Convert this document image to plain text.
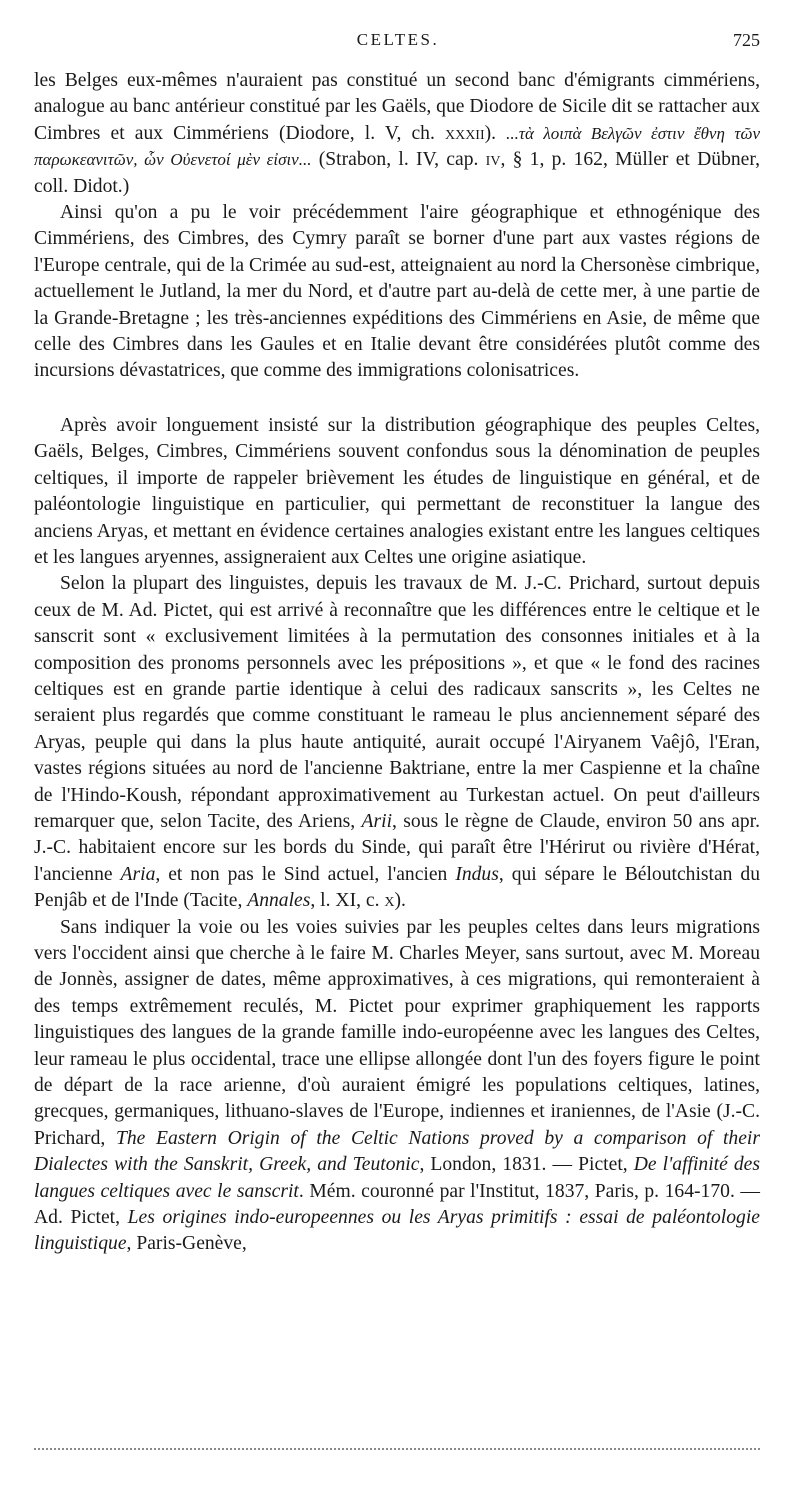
CELTES.	725

les Belges eux-mêmes n'auraient pas constitué un second banc d'émigrants cimmériens, analogue au banc antérieur constitué par les Gaëls, que Diodore de Sicile dit se rattacher aux Cimbres et aux Cimmériens (Diodore, l. V, ch. xxxii). ...τὰ λοιπὰ Βελγῶν ἐστιν ἔθνη τῶν παρωκεανιτῶν, ὧν Οὐενετοί μὲν εἰσιν... (Strabon, l. IV, cap. iv, § 1, p. 162, Müller et Dübner, coll. Didot.)

Ainsi qu'on a pu le voir précédemment l'aire géographique et ethnogénique des Cimmériens, des Cimbres, des Cymry paraît se borner d'une part aux vastes régions de l'Europe centrale, qui de la Crimée au sud-est, atteignaient au nord la Chersonèse cimbrique, actuellement le Jutland, la mer du Nord, et d'autre part au-delà de cette mer, à une partie de la Grande-Bretagne ; les très-anciennes expéditions des Cimmériens en Asie, de même que celle des Cimbres dans les Gaules et en Italie devant être considérées plutôt comme des incursions dévastatrices, que comme des immigrations colonisatrices.

Après avoir longuement insisté sur la distribution géographique des peuples Celtes, Gaëls, Belges, Cimbres, Cimmériens souvent confondus sous la dénomination de peuples celtiques, il importe de rappeler brièvement les études de linguistique en général, et de paléontologie linguistique en particulier, qui permettant de reconstituer la langue des anciens Aryas, et mettant en évidence certaines analogies existant entre les langues celtiques et les langues aryennes, assigneraient aux Celtes une origine asiatique.

Selon la plupart des linguistes, depuis les travaux de M. J.-C. Prichard, surtout depuis ceux de M. Ad. Pictet, qui est arrivé à reconnaître que les différences entre le celtique et le sanscrit sont « exclusivement limitées à la permutation des consonnes initiales et à la composition des pronoms personnels avec les prépositions », et que « le fond des racines celtiques est en grande partie identique à celui des radicaux sanscrits », les Celtes ne seraient plus regardés que comme constituant le rameau le plus anciennement séparé des Aryas, peuple qui dans la plus haute antiquité, aurait occupé l'Airyanem Vaêjô, l'Eran, vastes régions situées au nord de l'ancienne Baktriane, entre la mer Caspienne et la chaîne de l'Hindo-Koush, répondant approximativement au Turkestan actuel. On peut d'ailleurs remarquer que, selon Tacite, des Ariens, Arii, sous le règne de Claude, environ 50 ans apr. J.-C. habitaient encore sur les bords du Sinde, qui paraît être l'Hérirut ou rivière d'Hérat, l'ancienne Aria, et non pas le Sind actuel, l'ancien Indus, qui sépare le Béloutchistan du Penjâb et de l'Inde (Tacite, Annales, l. XI, c. x).

Sans indiquer la voie ou les voies suivies par les peuples celtes dans leurs migrations vers l'occident ainsi que cherche à le faire M. Charles Meyer, sans surtout, avec M. Moreau de Jonnès, assigner de dates, même approximatives, à ces migrations, qui remonteraient à des temps extrêmement reculés, M. Pictet pour exprimer graphiquement les rapports linguistiques des langues de la grande famille indo-européenne avec les langues des Celtes, leur rameau le plus occidental, trace une ellipse allongée dont l'un des foyers figure le point de départ de la race arienne, d'où auraient émigré les populations celtiques, latines, grecques, germaniques, lithuano-slaves de l'Europe, indiennes et iraniennes, de l'Asie (J.-C. Prichard, The Eastern Origin of the Celtic Nations proved by a comparison of their Dialectes with the Sanskrit, Greek, and Teutonic, London, 1831. — Pictet, De l'affinité des langues celtiques avec le sanscrit. Mém. couronné par l'Institut, 1837, Paris, p. 164-170. — Ad. Pictet, Les origines indo-europeennes ou les Aryas primitifs : essai de paléontologie linguistique, Paris-Genève,
